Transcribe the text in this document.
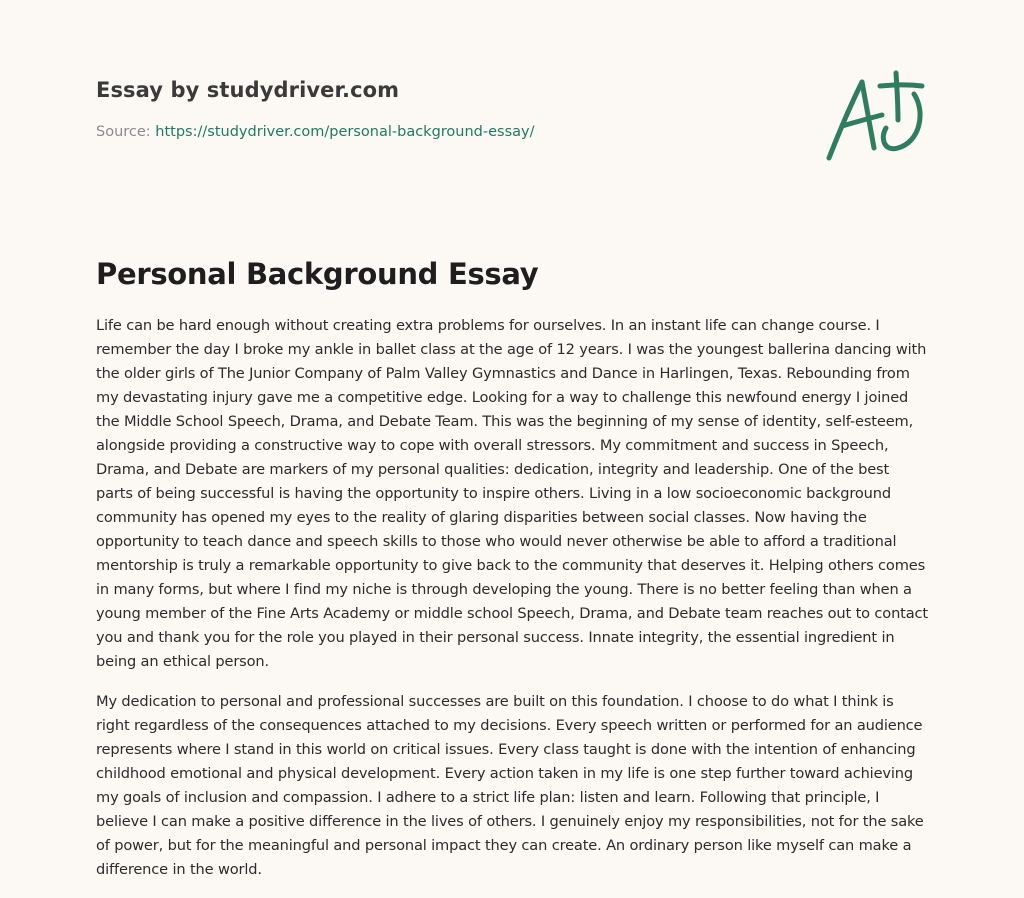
Essay by studydriver.com
Source: https://studydriver.com/personal-background-essay/
Personal Background Essay

Life can be hard enough without creating extra problems for ourselves. In an instant life can change course. I remember the day I broke my ankle in ballet class at the age of 12 years. I was the youngest ballerina dancing with the older girls of The Junior Company of Palm Valley Gymnastics and Dance in Harlingen, Texas. Rebounding from my devastating injury gave me a competitive edge. Looking for a way to challenge this newfound energy I joined the Middle School Speech, Drama, and Debate Team. This was the beginning of my sense of identity, self-esteem, alongside providing a constructive way to cope with overall stressors. My commitment and success in Speech, Drama, and Debate are markers of my personal qualities: dedication, integrity and leadership. One of the best parts of being successful is having the opportunity to inspire others. Living in a low socioeconomic background community has opened my eyes to the reality of glaring disparities between social classes. Now having the opportunity to teach dance and speech skills to those who would never otherwise be able to afford a traditional mentorship is truly a remarkable opportunity to give back to the community that deserves it. Helping others comes in many forms, but where I find my niche is through developing the young. There is no better feeling than when a young member of the Fine Arts Academy or middle school Speech, Drama, and Debate team reaches out to contact you and thank you for the role you played in their personal success. Innate integrity, the essential ingredient in being an ethical person.

My dedication to personal and professional successes are built on this foundation. I choose to do what I think is right regardless of the consequences attached to my decisions. Every speech written or performed for an audience represents where I stand in this world on critical issues. Every class taught is done with the intention of enhancing childhood emotional and physical development. Every action taken in my life is one step further toward achieving my goals of inclusion and compassion. I adhere to a strict life plan: listen and learn. Following that principle, I believe I can make a positive difference in the lives of others. I genuinely enjoy my responsibilities, not for the sake of power, but for the meaningful and personal impact they can create. An ordinary person like myself can make a difference in the world.
